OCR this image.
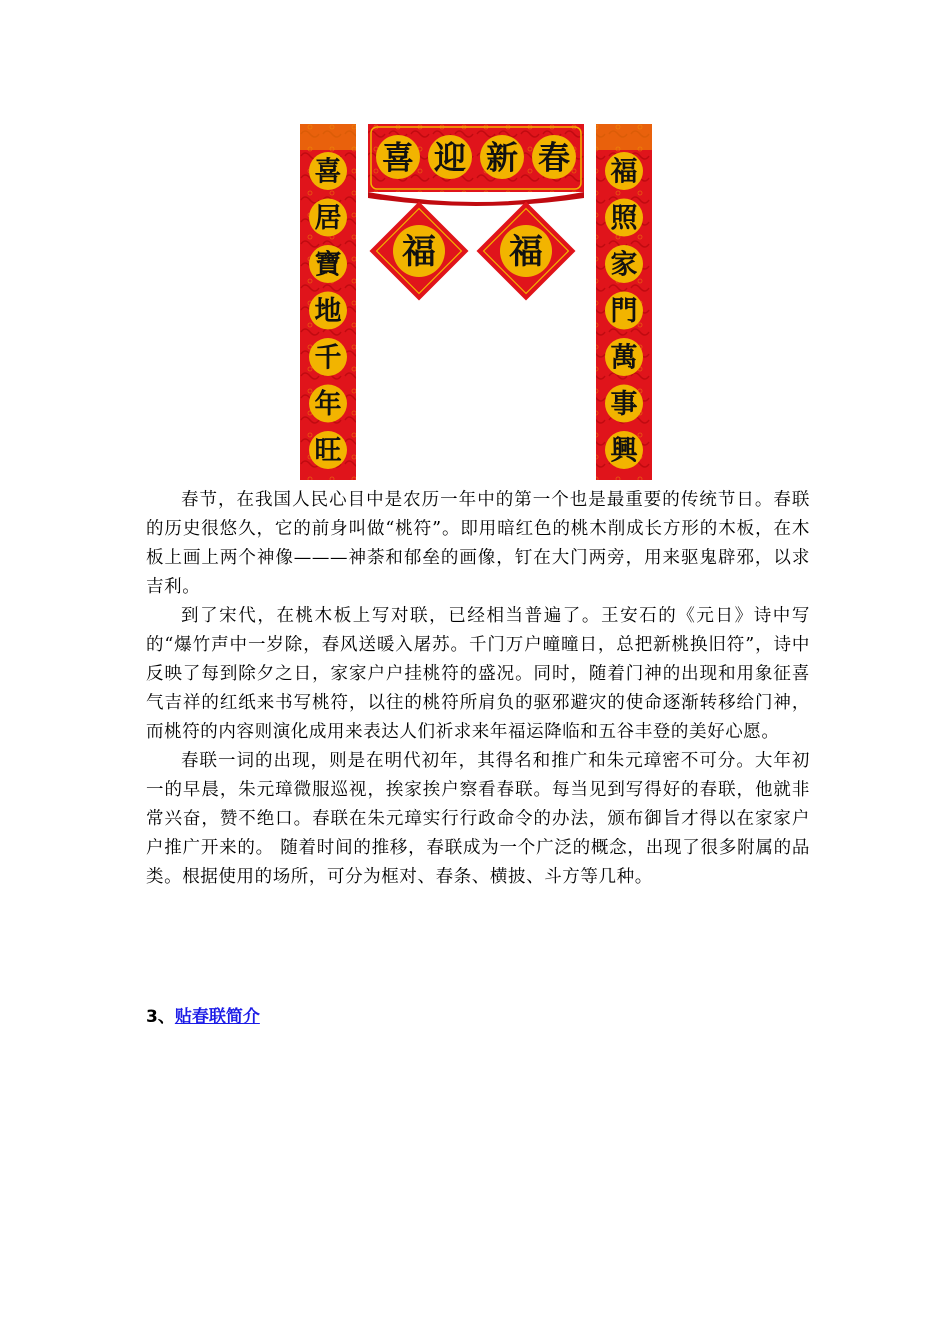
喜
居
寶
地
千
年
旺
福
照
家
門
萬
事
興
喜 迎 新 春
福 福

春节，在我国人民心目中是农历一年中的第一个也是最重要的传统节日。春联的历史很悠久，它的前身叫做“桃符”。即用暗红色的桃木削成长方形的木板，在木板上画上两个神像———神荼和郁垒的画像，钉在大门两旁，用来驱鬼辟邪，以求吉利。

到了宋代，在桃木板上写对联，已经相当普遍了。王安石的《元日》诗中写的“爆竹声中一岁除，春风送暖入屠苏。千门万户曈曈日，总把新桃换旧符”，诗中反映了每到除夕之日，家家户户挂桃符的盛况。同时，随着门神的出现和用象征喜气吉祥的红纸来书写桃符，以往的桃符所肩负的驱邪避灾的使命逐渐转移给门神，而桃符的内容则演化成用来表达人们祈求来年福运降临和五谷丰登的美好心愿。

春联一词的出现，则是在明代初年，其得名和推广和朱元璋密不可分。大年初一的早晨，朱元璋微服巡视，挨家挨户察看春联。每当见到写得好的春联，他就非常兴奋，赞不绝口。春联在朱元璋实行行政命令的办法，颁布御旨才得以在家家户户推广开来的。 随着时间的推移，春联成为一个广泛的概念，出现了很多附属的品类。根据使用的场所，可分为框对、春条、横披、斗方等几种。

3、贴春联简介
